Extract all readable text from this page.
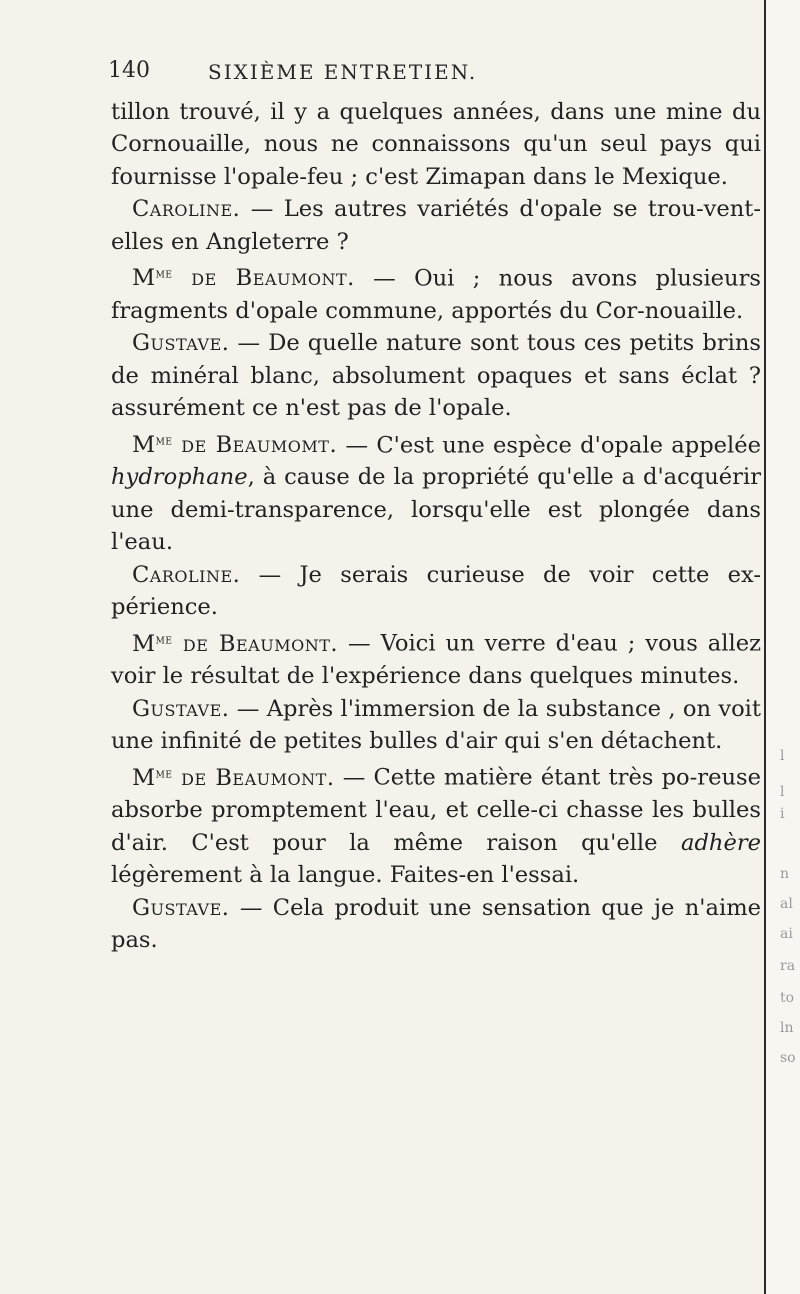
140	SIXIÈME ENTRETIEN.

tillon trouvé, il y a quelques années, dans une mine du Cornouaille, nous ne connaissons qu'un seul pays qui fournisse l'opale-feu ; c'est Zimapan dans le Mexique.

Caroline. — Les autres variétés d'opale se trou-vent-elles en Angleterre ?

$M^{me}$ de Beaumont. — Oui ; nous avons plusieurs fragments d'opale commune, apportés du Cor-nouaille.

Gustave. — De quelle nature sont tous ces petits brins de minéral blanc, absolument opaques et sans éclat ? assurément ce n'est pas de l'opale.

$M^{me}$ de Beaumomt. — C'est une espèce d'opale appelée hydrophane, à cause de la propriété qu'elle a d'acquérir une demi-transparence, lorsqu'elle est plongée dans l'eau.

Caroline. — Je serais curieuse de voir cette ex-périence.

$M^{me}$ de Beaumont. — Voici un verre d'eau ; vous allez voir le résultat de l'expérience dans quelques minutes.

Gustave. — Après l'immersion de la substance , on voit une infinité de petites bulles d'air qui s'en détachent.

$M^{me}$ de Beaumont. — Cette matière étant très po-reuse absorbe promptement l'eau, et celle-ci chasse les bulles d'air. C'est pour la même raison qu'elle adhère légèrement à la langue. Faites-en l'essai.

Gustave. — Cela produit une sensation que je n'aime pas.

l
l
i
n
al
ai
ra
to
ln
so
